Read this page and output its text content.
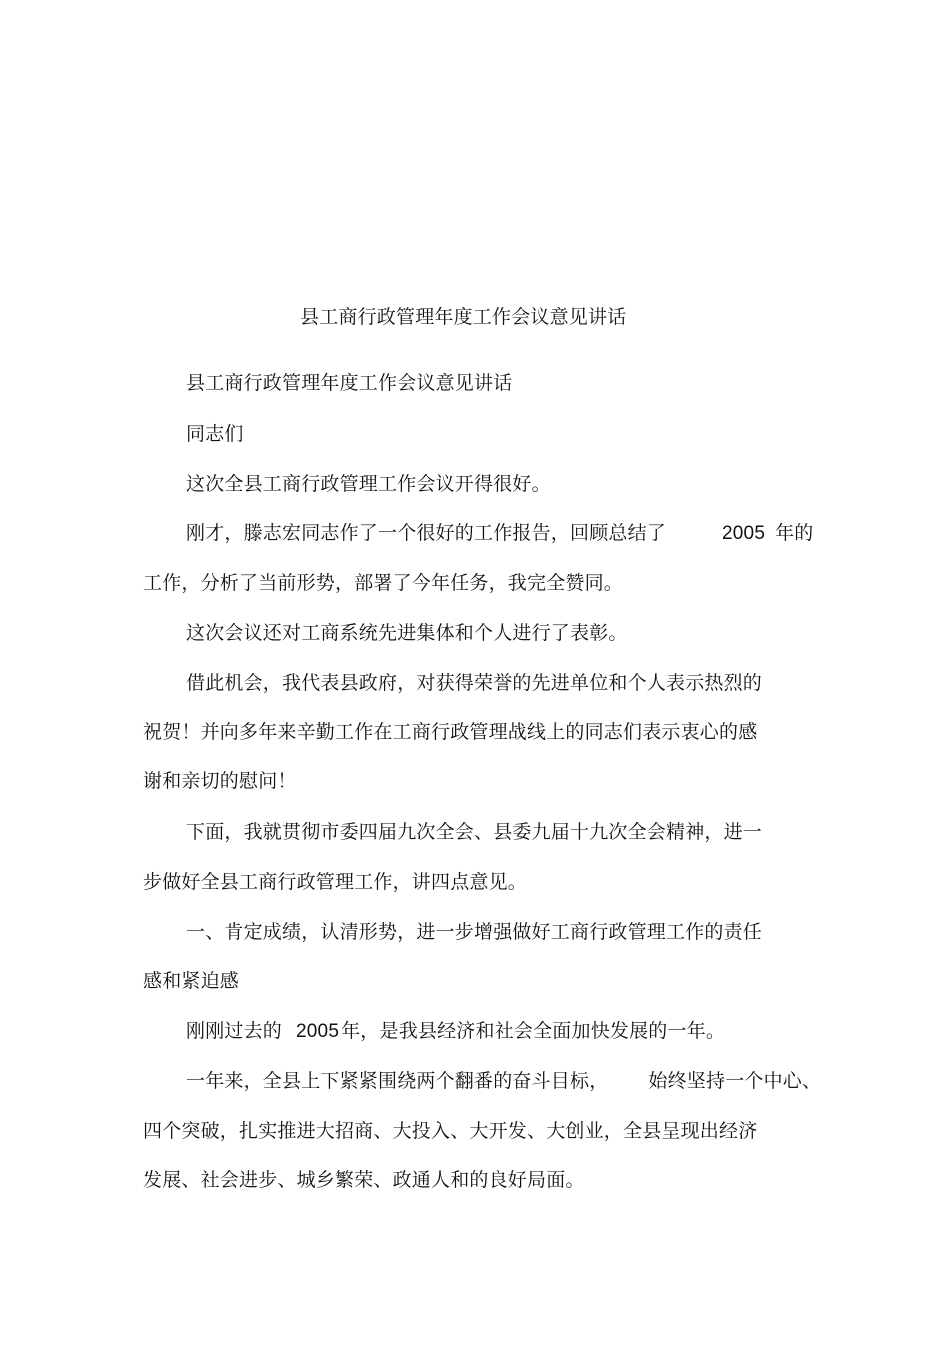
县工商行政管理年度工作会议意见讲话
县工商行政管理年度工作会议意见讲话
同志们
这次全县工商行政管理工作会议开得很好。
刚才，滕志宏同志作了一个很好的工作报告，回顾总结了	2005 年的
工作，分析了当前形势，部署了今年任务，我完全赞同。
这次会议还对工商系统先进集体和个人进行了表彰。
借此机会，我代表县政府，对获得荣誉的先进单位和个人表示热烈的
祝贺！并向多年来辛勤工作在工商行政管理战线上的同志们表示衷心的感
谢和亲切的慰问！
下面，我就贯彻市委四届九次全会、县委九届十九次全会精神，进一
步做好全县工商行政管理工作，讲四点意见。
一、肯定成绩，认清形势，进一步增强做好工商行政管理工作的责任
感和紧迫感
刚刚过去的 2005 年，是我县经济和社会全面加快发展的一年。
一年来，全县上下紧紧围绕两个翻番的奋斗目标， 始终坚持一个中心、
四个突破，扎实推进大招商、大投入、大开发、大创业，全县呈现出经济
发展、社会进步、城乡繁荣、政通人和的良好局面。
